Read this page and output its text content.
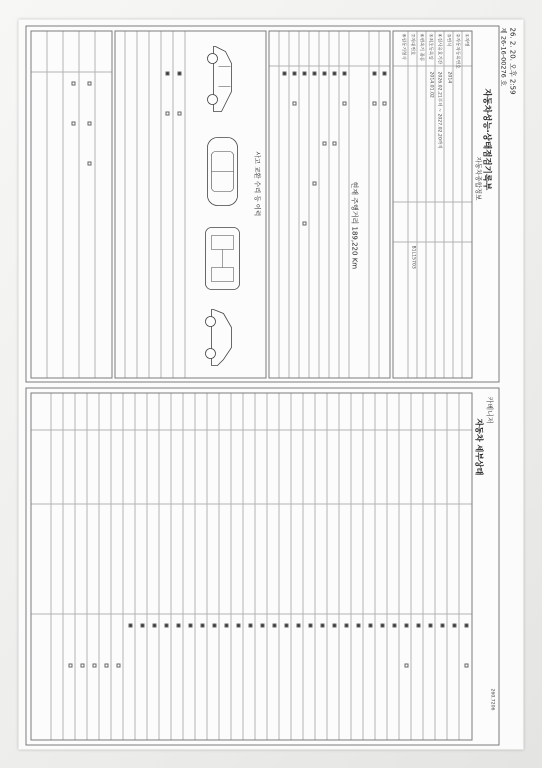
26. 2. 20. 오후 2:59
제 26-16-00276 호
자동차성능·상태점검기록부
자동차종합정보
①차명
②자동차등록번호
③연식
2014
④검사유효기간
2026.02.21부터 ~ 2027.02.20까지
⑤최초등록일
2014.01.02
⑥변속기 종류
⑦차대번호
B1L15703
⑧원동기형식
현재 주행거리 189,220 Km
사고 교환 수리 등 이력
카베니저
자동차 세부상태
260.7206
